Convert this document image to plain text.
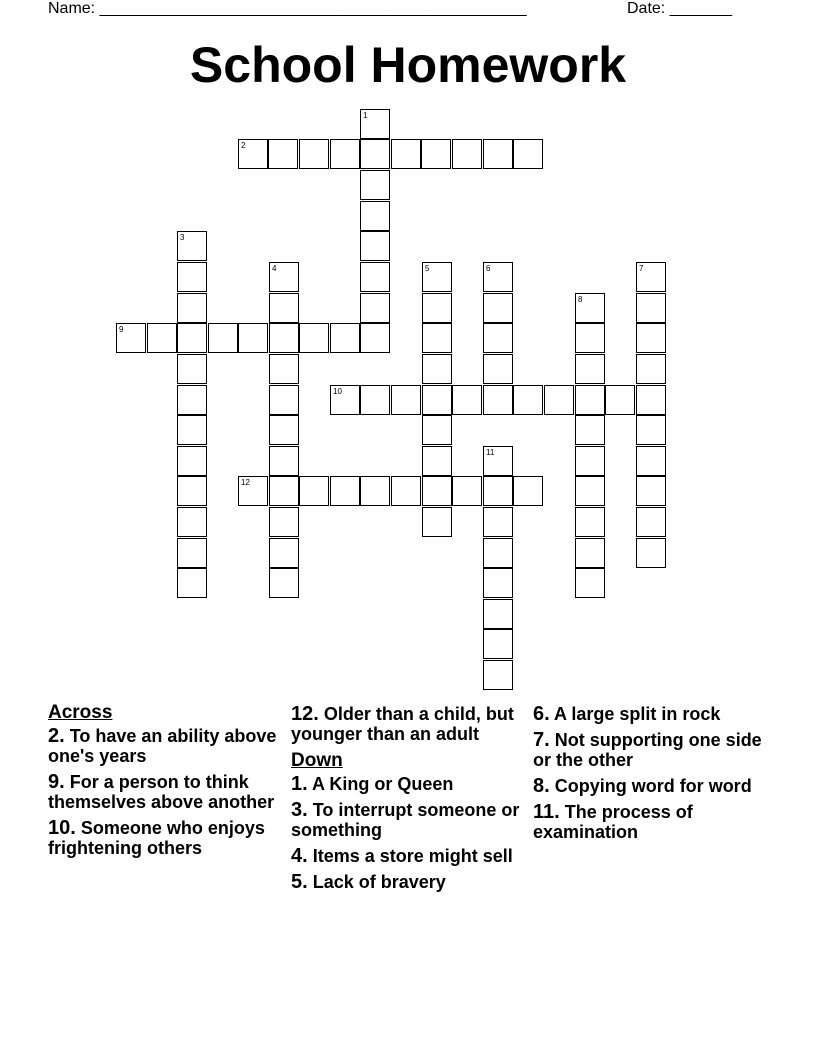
Name: ________________________________________________	Date: _______
School Homework
1
2
3
4	5	6	7
8
9
10
11
12
Across
2. To have an ability above one's years
9. For a person to think themselves above another
10. Someone who enjoys frightening others
12. Older than a child, but younger than an adult
Down
1. A King or Queen
3. To interrupt someone or something
4. Items a store might sell
5. Lack of bravery
6. A large split in rock
7. Not supporting one side or the other
8. Copying word for word
11. The process of examination
